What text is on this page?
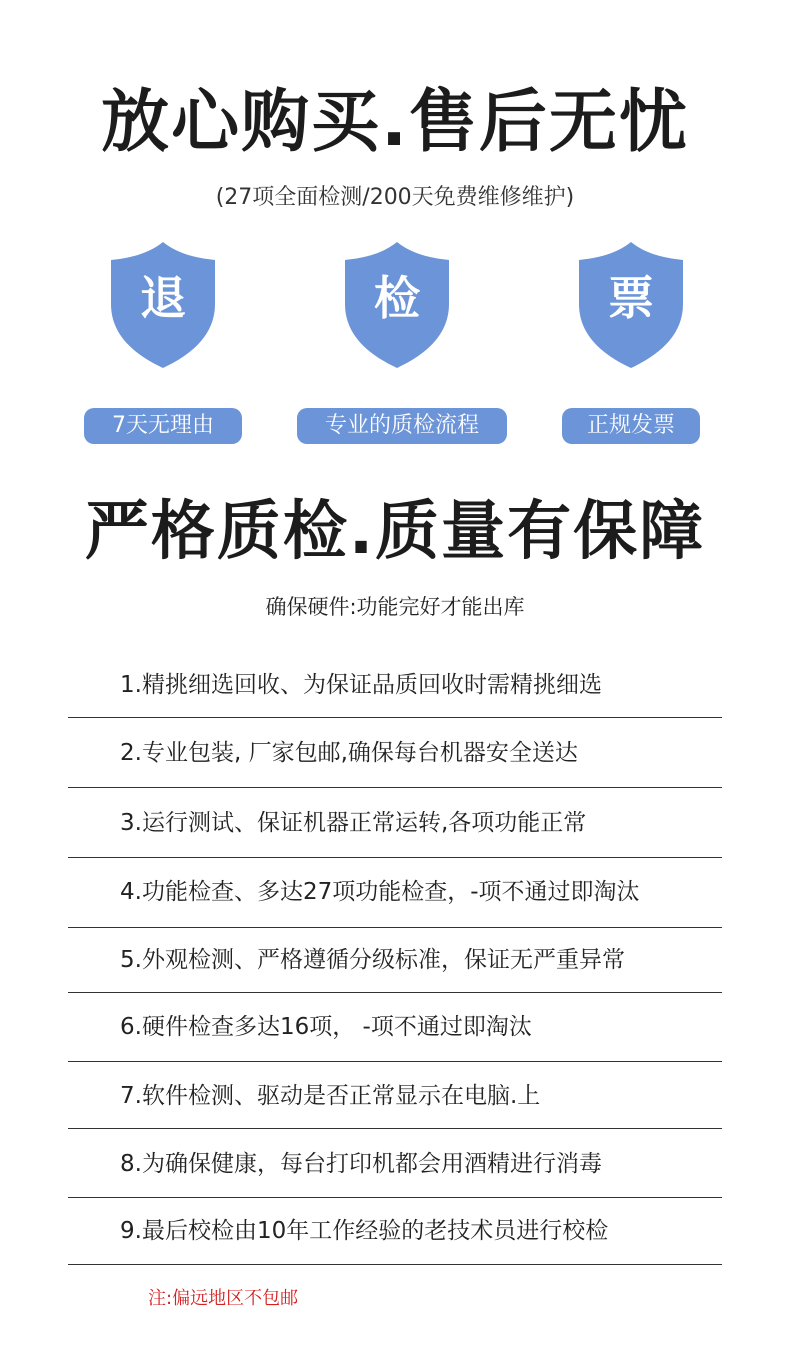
放心购买.售后无忧
(27项全面检测/200天免费维修维护)
退	检	票
7天无理由	专业的质检流程	正规发票
严格质检.质量有保障
确保硬件:功能完好才能出库
1.精挑细选回收、为保证品质回收时需精挑细选
2.专业包装, 厂家包邮,确保每台机器安全送达
3.运行测试、保证机器正常运转,各项功能正常
4.功能检查、多达27项功能检查，-项不通过即淘汰
5.外观检测、严格遵循分级标准，保证无严重异常
6.硬件检查多达16项， -项不通过即淘汰
7.软件检测、驱动是否正常显示在电脑.上
8.为确保健康，每台打印机都会用酒精进行消毒
9.最后校检由10年工作经验的老技术员进行校检
注:偏远地区不包邮
